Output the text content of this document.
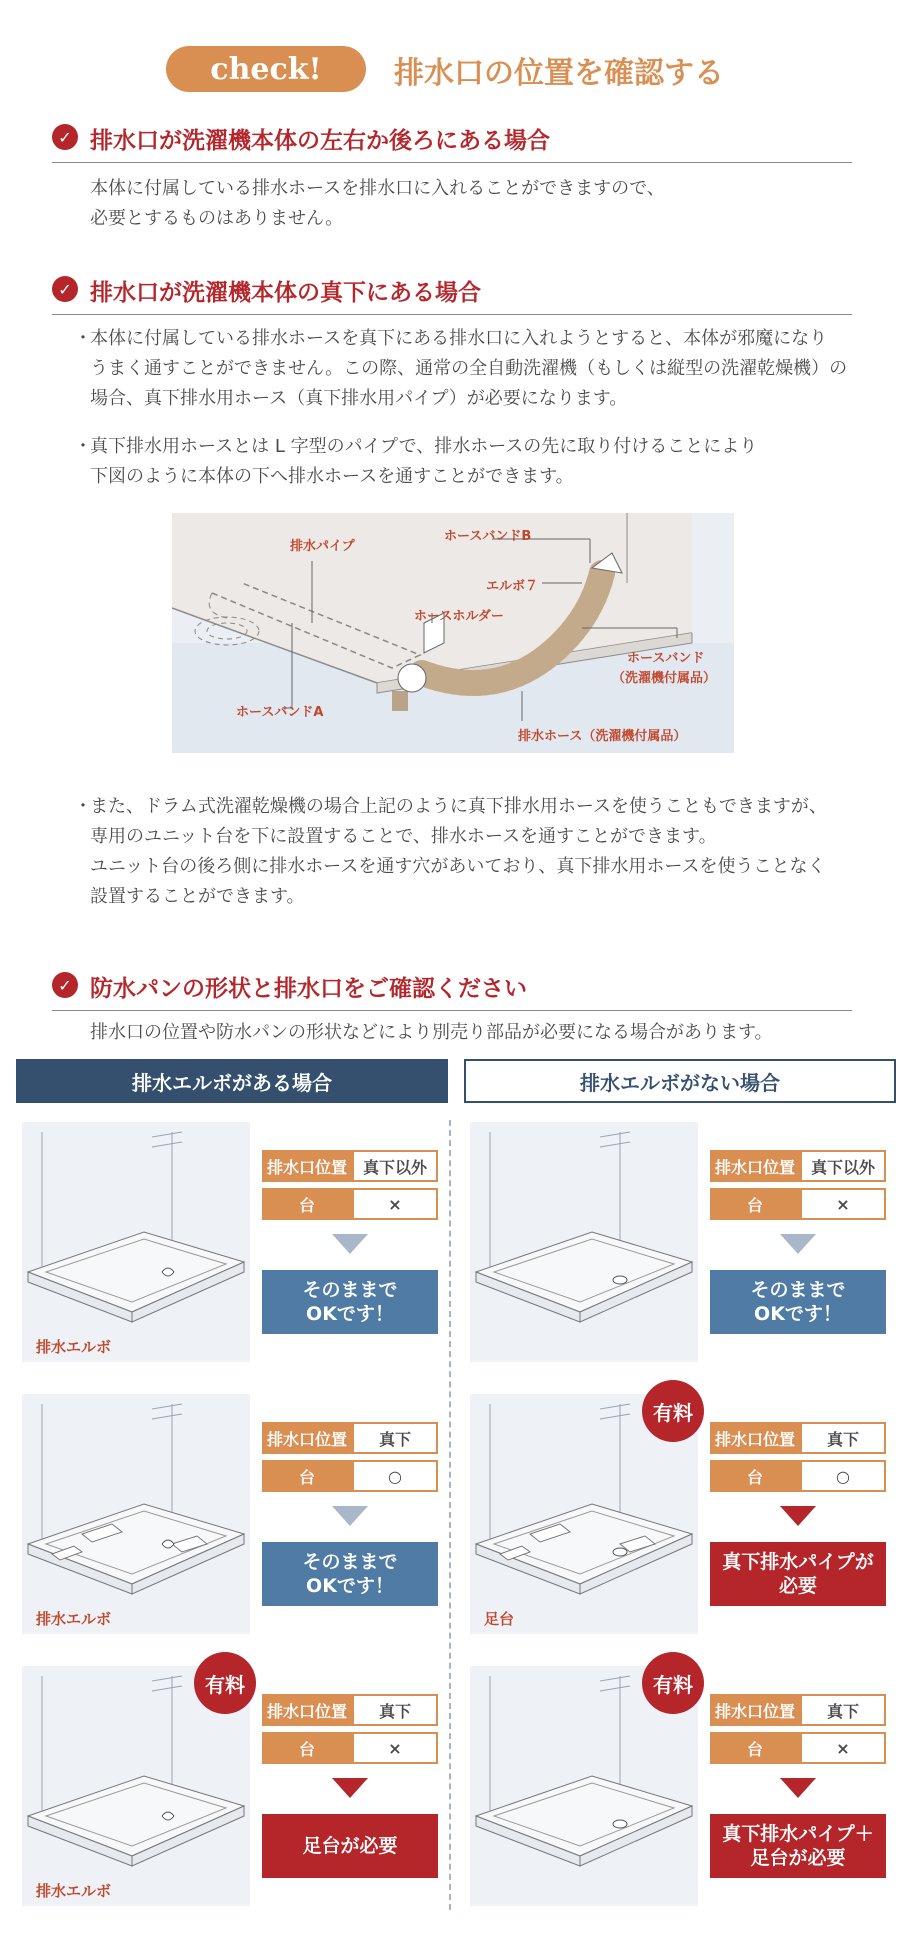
check!	排水口の位置を確認する
✓ 排水口が洗濯機本体の左右か後ろにある場合
本体に付属している排水ホースを排水口に入れることができますので、
必要とするものはありません。
✓ 排水口が洗濯機本体の真下にある場合
・
本体に付属している排水ホースを真下にある排水口に入れようとすると、本体が邪魔になり
うまく通すことができません。この際、通常の全自動洗濯機（もしくは縦型の洗濯乾燥機）の
場合、真下排水用ホース（真下排水用パイプ）が必要になります。
・
真下排水用ホースとは L 字型のパイプで、排水ホースの先に取り付けることにより
下図のように本体の下へ排水ホースを通すことができます。
排水パイプ
ホースバンドB
エルボ７
ホースホルダー
ホースバンドA
ホースバンド
（洗濯機付属品）
排水ホース（洗濯機付属品）
・
また、ドラム式洗濯乾燥機の場合上記のように真下排水用ホースを使うこともできますが、
専用のユニット台を下に設置することで、排水ホースを通すことができます。
ユニット台の後ろ側に排水ホースを通す穴があいており、真下排水用ホースを使うことなく
設置することができます。
✓ 防水パンの形状と排水口をご確認ください
排水口の位置や防水パンの形状などにより別売り部品が必要になる場合があります。
排水エルボがある場合	排水エルボがない場合
排水エルボ
排水口位置 真下以外
台	×
そのままで
OKです！
排水エルボ
排水口位置	真下
台	○
そのままで
OKです！
排水エルボ
有料
排水口位置	真下
台	×
足台が必要
排水口位置 真下以外
台	×
そのままで
OKです！
足台
有料
排水口位置	真下
台	○
真下排水パイプが
必要
有料
排水口位置	真下
台	×
真下排水パイプ＋
足台が必要
